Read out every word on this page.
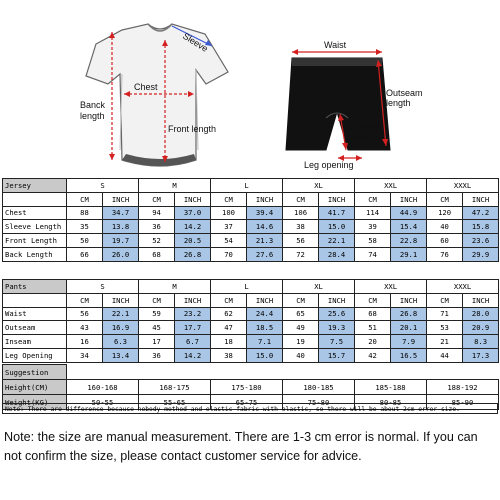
Sleeve
Chest
Banck
length
Front length
Waist
Outseam
length
Inseam
length
Leg opening
Jersey	S		M		L		XL		XXL		XXXL	
	CM	INCH	CM	INCH	CM	INCH	CM	INCH	CM	INCH	CM	INCH
Chest	88	34.7	94	37.0	100	39.4	106	41.7	114	44.9	120	47.2
Sleeve Length	35	13.8	36	14.2	37	14.6	38	15.0	39	15.4	40	15.8
Front Length	50	19.7	52	20.5	54	21.3	56	22.1	58	22.8	60	23.6
Back Length	66	26.0	68	26.8	70	27.6	72	28.4	74	29.1	76	29.9
Pants	S		M		L		XL		XXL		XXXL	
	CM	INCH	CM	INCH	CM	INCH	CM	INCH	CM	INCH	CM	INCH
Waist	56	22.1	59	23.2	62	24.4	65	25.6	68	26.8	71	28.0
Outseam	43	16.9	45	17.7	47	18.5	49	19.3	51	20.1	53	20.9
Inseam	16	6.3	17	6.7	18	7.1	19	7.5	20	7.9	21	8.3
Leg Opening	34	13.4	36	14.2	38	15.0	40	15.7	42	16.5	44	17.3
Suggestion						
Height(CM)	160-168	168-175	175-180	180-185	185-188	188-192
Weight(KG)	50-55	55-65	65-75	75-80	80-85	85-90
Note: There are difference because nobody method and elastic fabric with elastic, so there will be about 2cm error size.
Note: the size are manual measurement. There are 1-3 cm error is normal. If you can not confirm the size, please contact customer service for advice.
